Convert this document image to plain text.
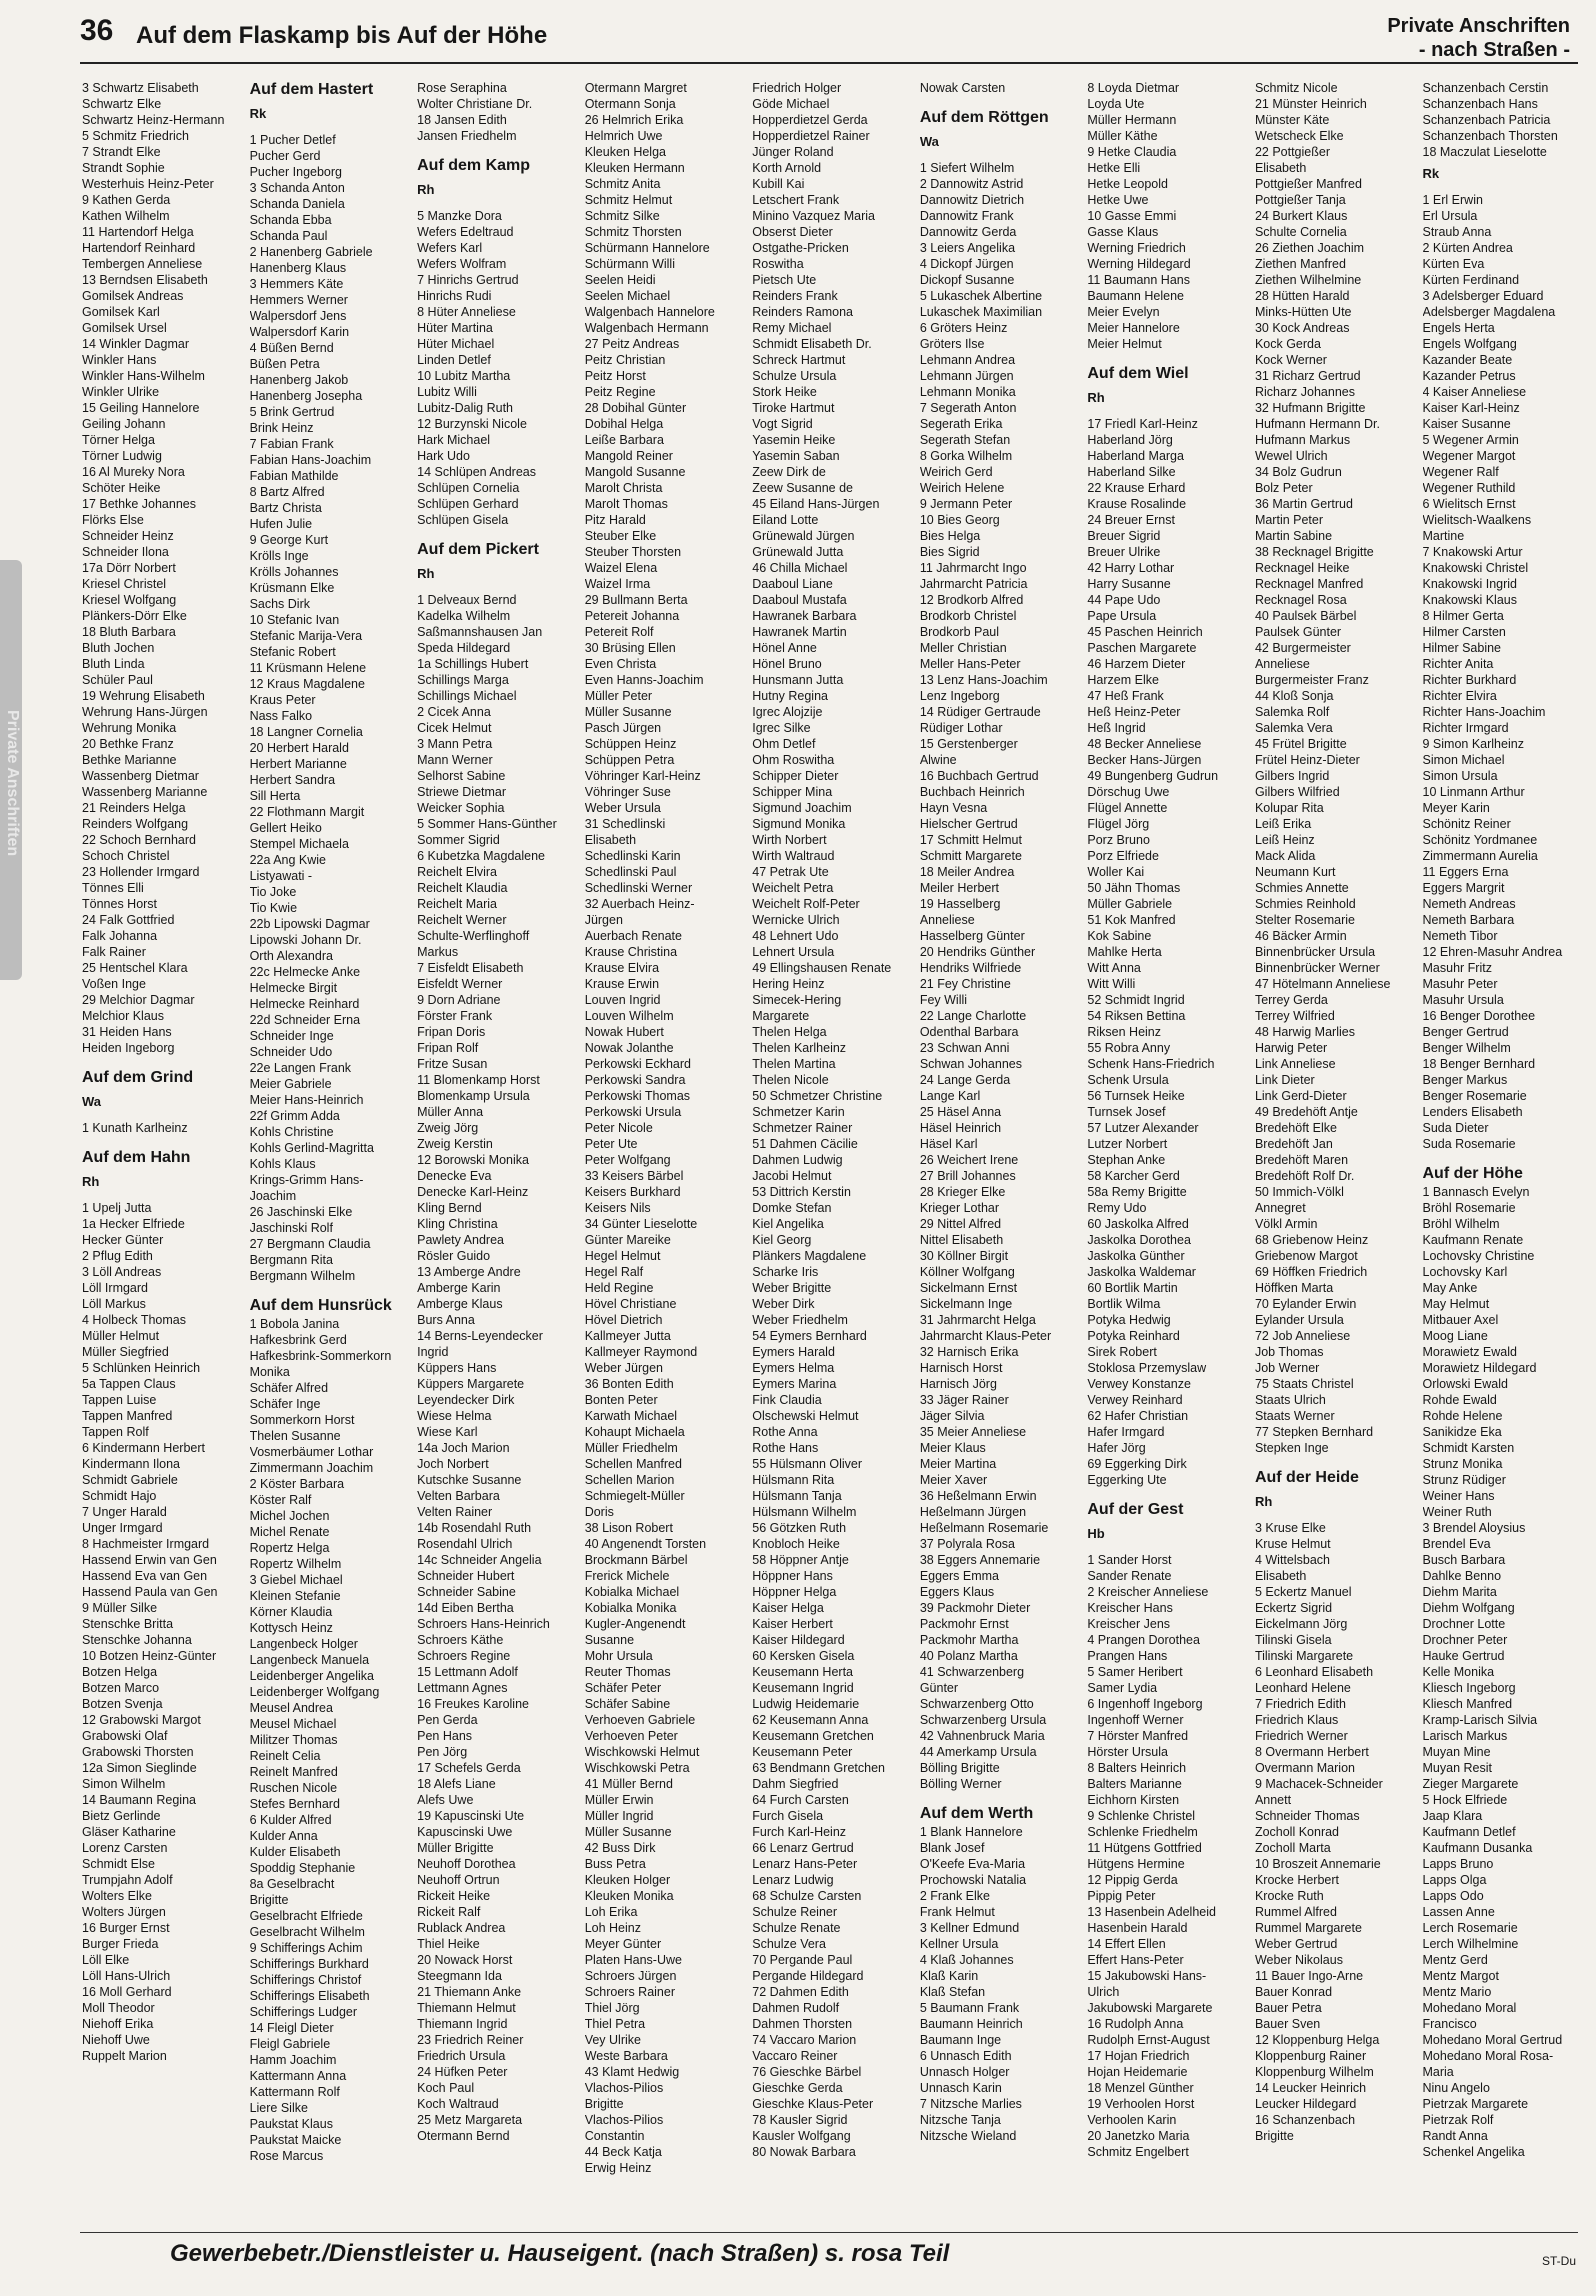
36 Auf dem Flaskamp bis Auf der Höhe	Private Anschriften
- nach Straßen -
Private Anschriften
3 Schwartz Elisabeth
Schwartz Elke
Schwartz Heinz-Hermann
5 Schmitz Friedrich
7 Strandt Elke
Strandt Sophie
Westerhuis Heinz-Peter
9 Kathen Gerda
Kathen Wilhelm
11 Hartendorf Helga
Hartendorf Reinhard
Tembergen Anneliese
13 Berndsen Elisabeth
Gomilsek Andreas
Gomilsek Karl
Gomilsek Ursel
14 Winkler Dagmar
Winkler Hans
Winkler Hans-Wilhelm
Winkler Ulrike
15 Geiling Hannelore
Geiling Johann
Törner Helga
Törner Ludwig
16 Al Mureky Nora
Schöter Heike
17 Bethke Johannes
Flörks Else
Schneider Heinz
Schneider Ilona
17a Dörr Norbert
Kriesel Christel
Kriesel Wolfgang
Plänkers-Dörr Elke
18 Bluth Barbara
Bluth Jochen
Bluth Linda
Schüler Paul
19 Wehrung Elisabeth
Wehrung Hans-Jürgen
Wehrung Monika
20 Bethke Franz
Bethke Marianne
Wassenberg Dietmar
Wassenberg Marianne
21 Reinders Helga
Reinders Wolfgang
22 Schoch Bernhard
Schoch Christel
23 Hollender Irmgard
Tönnes Elli
Tönnes Horst
24 Falk Gottfried
Falk Johanna
Falk Rainer
25 Hentschel Klara
Voßen Inge
29 Melchior Dagmar
Melchior Klaus
31 Heiden Hans
Heiden Ingeborg
Auf dem Grind
Wa
1 Kunath Karlheinz
Auf dem Hahn
Rh
1 Upelj Jutta
1a Hecker Elfriede
Hecker Günter
2 Pflug Edith
3 Löll Andreas
Löll Irmgard
Löll Markus
4 Holbeck Thomas
Müller Helmut
Müller Siegfried
5 Schlünken Heinrich
5a Tappen Claus
Tappen Luise
Tappen Manfred
Tappen Rolf
6 Kindermann Herbert
Kindermann Ilona
Schmidt Gabriele
Schmidt Hajo
7 Unger Harald
Unger Irmgard
8 Hachmeister Irmgard
Hassend Erwin van Gen
Hassend Eva van Gen
Hassend Paula van Gen
9 Müller Silke
Stenschke Britta
Stenschke Johanna
10 Botzen Heinz-Günter
Botzen Helga
Botzen Marco
Botzen Svenja
12 Grabowski Margot
Grabowski Olaf
Grabowski Thorsten
12a Simon Sieglinde
Simon Wilhelm
14 Baumann Regina
Bietz Gerlinde
Gläser Katharine
Lorenz Carsten
Schmidt Else
Trumpjahn Adolf
Wolters Elke
Wolters Jürgen
16 Burger Ernst
Burger Frieda
Löll Elke
Löll Hans-Ulrich
16 Moll Gerhard
Moll Theodor
Niehoff Erika
Niehoff Uwe
Ruppelt Marion
Auf dem Hastert
Rk
1 Pucher Detlef
Pucher Gerd
Pucher Ingeborg
3 Schanda Anton
Schanda Daniela
Schanda Ebba
Schanda Paul
2 Hanenberg Gabriele
Hanenberg Klaus
3 Hemmers Käte
Hemmers Werner
Walpersdorf Jens
Walpersdorf Karin
4 Büßen Bernd
Büßen Petra
Hanenberg Jakob
Hanenberg Josepha
5 Brink Gertrud
Brink Heinz
7 Fabian Frank
Fabian Hans-Joachim
Fabian Mathilde
8 Bartz Alfred
Bartz Christa
Hufen Julie
9 George Kurt
Krölls Inge
Krölls Johannes
Krüsmann Elke
Sachs Dirk
10 Stefanic Ivan
Stefanic Marija-Vera
Stefanic Robert
11 Krüsmann Helene
12 Kraus Magdalene
Kraus Peter
Nass Falko
18 Langner Cornelia
20 Herbert Harald
Herbert Marianne
Herbert Sandra
Sill Herta
22 Flothmann Margit
Gellert Heiko
Stempel Michaela
22a Ang Kwie
Listyawati -
Tio Joke
Tio Kwie
22b Lipowski Dagmar
Lipowski Johann Dr.
Orth Alexandra
22c Helmecke Anke
Helmecke Birgit
Helmecke Reinhard
22d Schneider Erna
Schneider Inge
Schneider Udo
22e Langen Frank
Meier Gabriele
Meier Hans-Heinrich
22f Grimm Adda
Kohls Christine
Kohls Gerlind-Magritta
Kohls Klaus
Krings-Grimm Hans-
Joachim
26 Jaschinski Elke
Jaschinski Rolf
27 Bergmann Claudia
Bergmann Rita
Bergmann Wilhelm
Auf dem Hunsrück
1 Bobola Janina
Hafkesbrink Gerd
Hafkesbrink-Sommerkorn
Monika
Schäfer Alfred
Schäfer Inge
Sommerkorn Horst
Thelen Susanne
Vosmerbäumer Lothar
Zimmermann Joachim
2 Köster Barbara
Köster Ralf
Michel Jochen
Michel Renate
Ropertz Helga
Ropertz Wilhelm
3 Giebel Michael
Kleinen Stefanie
Körner Klaudia
Kottysch Heinz
Langenbeck Holger
Langenbeck Manuela
Leidenberger Angelika
Leidenberger Wolfgang
Meusel Andrea
Meusel Michael
Militzer Thomas
Reinelt Celia
Reinelt Manfred
Ruschen Nicole
Stefes Bernhard
6 Kulder Alfred
Kulder Anna
Kulder Elisabeth
Spoddig Stephanie
8a Geselbracht
Brigitte
Geselbracht Elfriede
Geselbracht Wilhelm
9 Schifferings Achim
Schifferings Burkhard
Schifferings Christof
Schifferings Elisabeth
Schifferings Ludger
14 Fleigl Dieter
Fleigl Gabriele
Hamm Joachim
Kattermann Anna
Kattermann Rolf
Liere Silke
Paukstat Klaus
Paukstat Maicke
Rose Marcus
Rose Seraphina
Wolter Christiane Dr.
18 Jansen Edith
Jansen Friedhelm
Auf dem Kamp
Rh
5 Manzke Dora
Wefers Edeltraud
Wefers Karl
Wefers Wolfram
7 Hinrichs Gertrud
Hinrichs Rudi
8 Hüter Anneliese
Hüter Martina
Hüter Michael
Linden Detlef
10 Lubitz Martha
Lubitz Willi
Lubitz-Dalig Ruth
12 Burzynski Nicole
Hark Michael
Hark Udo
14 Schlüpen Andreas
Schlüpen Cornelia
Schlüpen Gerhard
Schlüpen Gisela
Auf dem Pickert
Rh
1 Delveaux Bernd
Kadelka Wilhelm
Saßmannshausen Jan
Speda Hildegard
1a Schillings Hubert
Schillings Marga
Schillings Michael
2 Cicek Anna
Cicek Helmut
3 Mann Petra
Mann Werner
Selhorst Sabine
Striewe Dietmar
Weicker Sophia
5 Sommer Hans-Günther
Sommer Sigrid
6 Kubetzka Magdalene
Reichelt Elvira
Reichelt Klaudia
Reichelt Maria
Reichelt Werner
Schulte-Werflinghoff
Markus
7 Eisfeldt Elisabeth
Eisfeldt Werner
9 Dorn Adriane
Förster Frank
Fripan Doris
Fripan Rolf
Fritze Susan
11 Blomenkamp Horst
Blomenkamp Ursula
Müller Anna
Zweig Jörg
Zweig Kerstin
12 Borowski Monika
Denecke Eva
Denecke Karl-Heinz
Kling Bernd
Kling Christina
Pawlety Andrea
Rösler Guido
13 Amberge Andre
Amberge Karin
Amberge Klaus
Burs Anna
14 Berns-Leyendecker
Ingrid
Küppers Hans
Küppers Margarete
Leyendecker Dirk
Wiese Helma
Wiese Karl
14a Joch Marion
Joch Norbert
Kutschke Susanne
Velten Barbara
Velten Rainer
14b Rosendahl Ruth
Rosendahl Ulrich
14c Schneider Angelia
Schneider Hubert
Schneider Sabine
14d Eiben Bertha
Schroers Hans-Heinrich
Schroers Käthe
Schroers Regine
15 Lettmann Adolf
Lettmann Agnes
16 Freukes Karoline
Pen Gerda
Pen Hans
Pen Jörg
17 Schefels Gerda
18 Alefs Liane
Alefs Uwe
19 Kapuscinski Ute
Kapuscinski Uwe
Müller Brigitte
Neuhoff Dorothea
Neuhoff Ortrun
Rickeit Heike
Rickeit Ralf
Rublack Andrea
Thiel Heike
20 Nowack Horst
Steegmann Ida
21 Thiemann Anke
Thiemann Helmut
Thiemann Ingrid
23 Friedrich Reiner
Friedrich Ursula
24 Hüfken Peter
Koch Paul
Koch Waltraud
25 Metz Margareta
Otermann Bernd
Otermann Margret
Otermann Sonja
26 Helmrich Erika
Helmrich Uwe
Kleuken Helga
Kleuken Hermann
Schmitz Anita
Schmitz Helmut
Schmitz Silke
Schmitz Thorsten
Schürmann Hannelore
Schürmann Willi
Seelen Heidi
Seelen Michael
Walgenbach Hannelore
Walgenbach Hermann
27 Peitz Andreas
Peitz Christian
Peitz Horst
Peitz Regine
28 Dobihal Günter
Dobihal Helga
Leiße Barbara
Mangold Reiner
Mangold Susanne
Marolt Christa
Marolt Thomas
Pitz Harald
Steuber Elke
Steuber Thorsten
Waizel Elena
Waizel Irma
29 Bullmann Berta
Petereit Johanna
Petereit Rolf
30 Brüsing Ellen
Even Christa
Even Hanns-Joachim
Müller Peter
Müller Susanne
Pasch Jürgen
Schüppen Heinz
Schüppen Petra
Vöhringer Karl-Heinz
Vöhringer Suse
Weber Ursula
31 Schedlinski
Elisabeth
Schedlinski Karin
Schedlinski Paul
Schedlinski Werner
32 Auerbach Heinz-
Jürgen
Auerbach Renate
Krause Christina
Krause Elvira
Krause Erwin
Louven Ingrid
Louven Wilhelm
Nowak Hubert
Nowak Jolanthe
Perkowski Eckhard
Perkowski Sandra
Perkowski Thomas
Perkowski Ursula
Peter Nicole
Peter Ute
Peter Wolfgang
33 Keisers Bärbel
Keisers Burkhard
Keisers Nils
34 Günter Lieselotte
Günter Mareike
Hegel Helmut
Hegel Ralf
Held Regine
Hövel Christiane
Hövel Dietrich
Kallmeyer Jutta
Kallmeyer Raymond
Weber Jürgen
36 Bonten Edith
Bonten Peter
Karwath Michael
Kohaupt Michaela
Müller Friedhelm
Schellen Manfred
Schellen Marion
Schmiegelt-Müller
Doris
38 Lison Robert
40 Angenendt Torsten
Brockmann Bärbel
Frerick Michele
Kobialka Michael
Kobialka Monika
Kugler-Angenendt
Susanne
Mohr Ursula
Reuter Thomas
Schäfer Peter
Schäfer Sabine
Verhoeven Gabriele
Verhoeven Peter
Wischkowski Helmut
Wischkowski Petra
41 Müller Bernd
Müller Erwin
Müller Ingrid
Müller Susanne
42 Buss Dirk
Buss Petra
Kleuken Holger
Kleuken Monika
Loh Erika
Loh Heinz
Meyer Günter
Platen Hans-Uwe
Schroers Jürgen
Schroers Rainer
Thiel Jörg
Thiel Petra
Vey Ulrike
Weste Barbara
43 Klamt Hedwig
Vlachos-Pilios
Brigitte
Vlachos-Pilios
Constantin
44 Beck Katja
Erwig Heinz
Friedrich Holger
Göde Michael
Hopperdietzel Gerda
Hopperdietzel Rainer
Jünger Roland
Korth Arnold
Kubill Kai
Letschert Frank
Minino Vazquez Maria
Obserst Dieter
Ostgathe-Pricken
Roswitha
Pietsch Ute
Reinders Frank
Reinders Ramona
Remy Michael
Schmidt Elisabeth Dr.
Schreck Hartmut
Schulze Ursula
Stork Heike
Tiroke Hartmut
Vogt Sigrid
Yasemin Heike
Yasemin Saban
Zeew Dirk de
Zeew Susanne de
45 Eiland Hans-Jürgen
Eiland Lotte
Grünewald Jürgen
Grünewald Jutta
46 Chilla Michael
Daaboul Liane
Daaboul Mustafa
Hawranek Barbara
Hawranek Martin
Hönel Anne
Hönel Bruno
Hunsmann Jutta
Hutny Regina
Igrec Alojzije
Igrec Silke
Ohm Detlef
Ohm Roswitha
Schipper Dieter
Schipper Mina
Sigmund Joachim
Sigmund Monika
Wirth Norbert
Wirth Waltraud
47 Petrak Ute
Weichelt Petra
Weichelt Rolf-Peter
Wernicke Ulrich
48 Lehnert Udo
Lehnert Ursula
49 Ellingshausen Renate
Hering Heinz
Simecek-Hering
Margarete
Thelen Helga
Thelen Karlheinz
Thelen Martina
Thelen Nicole
50 Schmetzer Christine
Schmetzer Karin
Schmetzer Rainer
51 Dahmen Cäcilie
Dahmen Ludwig
Jacobi Helmut
53 Dittrich Kerstin
Domke Stefan
Kiel Angelika
Kiel Georg
Plänkers Magdalene
Scharke Iris
Weber Brigitte
Weber Dirk
Weber Friedhelm
54 Eymers Bernhard
Eymers Harald
Eymers Helma
Eymers Marina
Fink Claudia
Olschewski Helmut
Rothe Anna
Rothe Hans
55 Hülsmann Oliver
Hülsmann Rita
Hülsmann Tanja
Hülsmann Wilhelm
56 Götzken Ruth
Knobloch Heike
58 Höppner Antje
Höppner Hans
Höppner Helga
Kaiser Helga
Kaiser Herbert
Kaiser Hildegard
60 Kersken Gisela
Keusemann Herta
Keusemann Ingrid
Ludwig Heidemarie
62 Keusemann Anna
Keusemann Gretchen
Keusemann Peter
63 Bendmann Gretchen
Dahm Siegfried
64 Furch Carsten
Furch Gisela
Furch Karl-Heinz
66 Lenarz Gertrud
Lenarz Hans-Peter
Lenarz Ludwig
68 Schulze Carsten
Schulze Reiner
Schulze Renate
Schulze Vera
70 Pergande Paul
Pergande Hildegard
72 Dahmen Edith
Dahmen Rudolf
Dahmen Thorsten
74 Vaccaro Marion
Vaccaro Reiner
76 Gieschke Bärbel
Gieschke Gerda
Gieschke Klaus-Peter
78 Kausler Sigrid
Kausler Wolfgang
80 Nowak Barbara
Nowak Carsten
Auf dem Röttgen
Wa
1 Siefert Wilhelm
2 Dannowitz Astrid
Dannowitz Dietrich
Dannowitz Frank
Dannowitz Gerda
3 Leiers Angelika
4 Dickopf Jürgen
Dickopf Susanne
5 Lukaschek Albertine
Lukaschek Maximilian
6 Gröters Heinz
Gröters Ilse
Lehmann Andrea
Lehmann Jürgen
Lehmann Monika
7 Segerath Anton
Segerath Erika
Segerath Stefan
8 Gorka Wilhelm
Weirich Gerd
Weirich Helene
9 Jermann Peter
10 Bies Georg
Bies Helga
Bies Sigrid
11 Jahrmarcht Ingo
Jahrmarcht Patricia
12 Brodkorb Alfred
Brodkorb Christel
Brodkorb Paul
Meller Christian
Meller Hans-Peter
13 Lenz Hans-Joachim
Lenz Ingeborg
14 Rüdiger Gertraude
Rüdiger Lothar
15 Gerstenberger
Alwine
16 Buchbach Gertrud
Buchbach Heinrich
Hayn Vesna
Hielscher Gertrud
17 Schmitt Helmut
Schmitt Margarete
18 Meiler Andrea
Meiler Herbert
19 Hasselberg
Anneliese
Hasselberg Günter
20 Hendriks Günther
Hendriks Wilfriede
21 Fey Christine
Fey Willi
22 Lange Charlotte
Odenthal Barbara
23 Schwan Anni
Schwan Johannes
24 Lange Gerda
Lange Karl
25 Häsel Anna
Häsel Heinrich
Häsel Karl
26 Weichert Irene
27 Brill Johannes
28 Krieger Elke
Krieger Lothar
29 Nittel Alfred
Nittel Elisabeth
30 Köllner Birgit
Köllner Wolfgang
Sickelmann Ernst
Sickelmann Inge
31 Jahrmarcht Helga
Jahrmarcht Klaus-Peter
32 Harnisch Erika
Harnisch Horst
Harnisch Jörg
33 Jäger Rainer
Jäger Silvia
35 Meier Anneliese
Meier Klaus
Meier Martina
Meier Xaver
36 Heßelmann Erwin
Heßelmann Jürgen
Heßelmann Rosemarie
37 Polyrala Rosa
38 Eggers Annemarie
Eggers Emma
Eggers Klaus
39 Packmohr Dieter
Packmohr Ernst
Packmohr Martha
40 Polanz Martha
41 Schwarzenberg
Günter
Schwarzenberg Otto
Schwarzenberg Ursula
42 Vahnenbruck Maria
44 Amerkamp Ursula
Bölling Brigitte
Bölling Werner
Auf dem Werth
1 Blank Hannelore
Blank Josef
O'Keefe Eva-Maria
Prochowski Natalia
2 Frank Elke
Frank Helmut
3 Kellner Edmund
Kellner Ursula
4 Klaß Johannes
Klaß Karin
Klaß Stefan
5 Baumann Frank
Baumann Heinrich
Baumann Inge
6 Unnasch Edith
Unnasch Holger
Unnasch Karin
7 Nitzsche Marlies
Nitzsche Tanja
Nitzsche Wieland
8 Loyda Dietmar
Loyda Ute
Müller Hermann
Müller Käthe
9 Hetke Claudia
Hetke Elli
Hetke Leopold
Hetke Uwe
10 Gasse Emmi
Gasse Klaus
Werning Friedrich
Werning Hildegard
11 Baumann Hans
Baumann Helene
Meier Evelyn
Meier Hannelore
Meier Helmut
Auf dem Wiel
Rh
17 Friedl Karl-Heinz
Haberland Jörg
Haberland Marga
Haberland Silke
22 Krause Erhard
Krause Rosalinde
24 Breuer Ernst
Breuer Sigrid
Breuer Ulrike
42 Harry Lothar
Harry Susanne
44 Pape Udo
Pape Ursula
45 Paschen Heinrich
Paschen Margarete
46 Harzem Dieter
Harzem Elke
47 Heß Frank
Heß Heinz-Peter
Heß Ingrid
48 Becker Anneliese
Becker Hans-Jürgen
49 Bungenberg Gudrun
Dörschug Uwe
Flügel Annette
Flügel Jörg
Porz Bruno
Porz Elfriede
Woller Kai
50 Jähn Thomas
Müller Gabriele
51 Kok Manfred
Kok Sabine
Mahlke Herta
Witt Anna
Witt Willi
52 Schmidt Ingrid
54 Riksen Bettina
Riksen Heinz
55 Robra Anny
Schenk Hans-Friedrich
Schenk Ursula
56 Turnsek Heike
Turnsek Josef
57 Lutzer Alexander
Lutzer Norbert
Stephan Anke
58 Karcher Gerd
58a Remy Brigitte
Remy Udo
60 Jaskolka Alfred
Jaskolka Dorothea
Jaskolka Günther
Jaskolka Waldemar
60 Bortlik Martin
Bortlik Wilma
Potyka Hedwig
Potyka Reinhard
Sirek Robert
Stoklosa Przemyslaw
Verwey Konstanze
Verwey Reinhard
62 Hafer Christian
Hafer Irmgard
Hafer Jörg
69 Eggerking Dirk
Eggerking Ute
Auf der Gest
Hb
1 Sander Horst
Sander Renate
2 Kreischer Anneliese
Kreischer Hans
Kreischer Jens
4 Prangen Dorothea
Prangen Hans
5 Samer Heribert
Samer Lydia
6 Ingenhoff Ingeborg
Ingenhoff Werner
7 Hörster Manfred
Hörster Ursula
8 Balters Heinrich
Balters Marianne
Eichhorn Kirsten
9 Schlenke Christel
Schlenke Friedhelm
11 Hütgens Gottfried
Hütgens Hermine
12 Pippig Gerda
Pippig Peter
13 Hasenbein Adelheid
Hasenbein Harald
14 Effert Ellen
Effert Hans-Peter
15 Jakubowski Hans-
Ulrich
Jakubowski Margarete
16 Rudolph Anna
Rudolph Ernst-August
17 Hojan Friedrich
Hojan Heidemarie
18 Menzel Günther
19 Verhoolen Horst
Verhoolen Karin
20 Janetzko Maria
Schmitz Engelbert
Schmitz Nicole
21 Münster Heinrich
Münster Käte
Wetscheck Elke
22 Pottgießer
Elisabeth
Pottgießer Manfred
Pottgießer Tanja
24 Burkert Klaus
Schulte Cornelia
26 Ziethen Joachim
Ziethen Manfred
Ziethen Wilhelmine
28 Hütten Harald
Minks-Hütten Ute
30 Kock Andreas
Kock Gerda
Kock Werner
31 Richarz Gertrud
Richarz Johannes
32 Hufmann Brigitte
Hufmann Hermann Dr.
Hufmann Markus
Wewel Ulrich
34 Bolz Gudrun
Bolz Peter
36 Martin Gertrud
Martin Peter
Martin Sabine
38 Recknagel Brigitte
Recknagel Heike
Recknagel Manfred
Recknagel Rosa
40 Paulsek Bärbel
Paulsek Günter
42 Burgermeister
Anneliese
Burgermeister Franz
44 Kloß Sonja
Salemka Rolf
Salemka Vera
45 Frütel Brigitte
Frütel Heinz-Dieter
Gilbers Ingrid
Gilbers Wilfried
Kolupar Rita
Leiß Erika
Leiß Heinz
Mack Alida
Neumann Kurt
Schmies Annette
Schmies Reinhold
Stelter Rosemarie
46 Bäcker Armin
Binnenbrücker Ursula
Binnenbrücker Werner
47 Hötelmann Anneliese
Terrey Gerda
Terrey Wilfried
48 Harwig Marlies
Harwig Peter
Link Anneliese
Link Dieter
Link Gerd-Dieter
49 Bredehöft Antje
Bredehöft Elke
Bredehöft Jan
Bredehöft Maren
Bredehöft Rolf Dr.
50 Immich-Völkl
Annegret
Völkl Armin
68 Griebenow Heinz
Griebenow Margot
69 Höffken Friedrich
Höffken Marta
70 Eylander Erwin
Eylander Ursula
72 Job Anneliese
Job Thomas
Job Werner
75 Staats Christel
Staats Ulrich
Staats Werner
77 Stepken Bernhard
Stepken Inge
Auf der Heide
Rh
3 Kruse Elke
Kruse Helmut
4 Wittelsbach
Elisabeth
5 Eckertz Manuel
Eckertz Sigrid
Eickelmann Jörg
Tilinski Gisela
Tilinski Margarete
6 Leonhard Elisabeth
Leonhard Helene
7 Friedrich Edith
Friedrich Klaus
Friedrich Werner
8 Overmann Herbert
Overmann Marion
9 Machacek-Schneider
Annett
Schneider Thomas
Zocholl Konrad
Zocholl Marta
10 Broszeit Annemarie
Krocke Herbert
Krocke Ruth
Rummel Alfred
Rummel Margarete
Weber Gertrud
Weber Nikolaus
11 Bauer Ingo-Arne
Bauer Konrad
Bauer Petra
Bauer Sven
12 Kloppenburg Helga
Kloppenburg Rainer
Kloppenburg Wilhelm
14 Leucker Heinrich
Leucker Hildegard
16 Schanzenbach
Brigitte
Schanzenbach Cerstin
Schanzenbach Hans
Schanzenbach Patricia
Schanzenbach Thorsten
18 Maczulat Lieselotte
Rk
1 Erl Erwin
Erl Ursula
Straub Anna
2 Kürten Andrea
Kürten Eva
Kürten Ferdinand
3 Adelsberger Eduard
Adelsberger Magdalena
Engels Herta
Engels Wolfgang
Kazander Beate
Kazander Petrus
4 Kaiser Anneliese
Kaiser Karl-Heinz
Kaiser Susanne
5 Wegener Armin
Wegener Margot
Wegener Ralf
Wegener Ruthild
6 Wielitsch Ernst
Wielitsch-Waalkens
Martine
7 Knakowski Artur
Knakowski Christel
Knakowski Ingrid
Knakowski Klaus
8 Hilmer Gerta
Hilmer Carsten
Hilmer Sabine
Richter Anita
Richter Burkhard
Richter Elvira
Richter Hans-Joachim
Richter Irmgard
9 Simon Karlheinz
Simon Michael
Simon Ursula
10 Linmann Arthur
Meyer Karin
Schönitz Reiner
Schönitz Yordmanee
Zimmermann Aurelia
11 Eggers Erna
Eggers Margrit
Nemeth Andreas
Nemeth Barbara
Nemeth Tibor
12 Ehren-Masuhr Andrea
Masuhr Fritz
Masuhr Peter
Masuhr Ursula
16 Benger Dorothee
Benger Gertrud
Benger Wilhelm
18 Benger Bernhard
Benger Markus
Benger Rosemarie
Lenders Elisabeth
Suda Dieter
Suda Rosemarie
Auf der Höhe
1 Bannasch Evelyn
Bröhl Rosemarie
Bröhl Wilhelm
Kaufmann Renate
Lochovsky Christine
Lochovsky Karl
May Anke
May Helmut
Mitbauer Axel
Moog Liane
Morawietz Ewald
Morawietz Hildegard
Orlowski Ewald
Rohde Ewald
Rohde Helene
Sanikidze Eka
Schmidt Karsten
Strunz Monika
Strunz Rüdiger
Weiner Hans
Weiner Ruth
3 Brendel Aloysius
Brendel Eva
Busch Barbara
Dahlke Benno
Diehm Marita
Diehm Wolfgang
Drochner Lotte
Drochner Peter
Hauke Gertrud
Kelle Monika
Kliesch Ingeborg
Kliesch Manfred
Kramp-Larisch Silvia
Larisch Markus
Muyan Mine
Muyan Resit
Zieger Margarete
5 Hock Elfriede
Jaap Klara
Kaufmann Detlef
Kaufmann Dusanka
Lapps Bruno
Lapps Olga
Lapps Odo
Lassen Anne
Lerch Rosemarie
Lerch Wilhelmine
Mentz Gerd
Mentz Margot
Mentz Mario
Mohedano Moral
Francisco
Mohedano Moral Gertrud
Mohedano Moral Rosa-
Maria
Ninu Angelo
Pietrzak Margarete
Pietrzak Rolf
Randt Anna
Schenkel Angelika
Gewerbebetr./Dienstleister u. Hauseigent. (nach Straßen) s. rosa Teil	ST-Du
